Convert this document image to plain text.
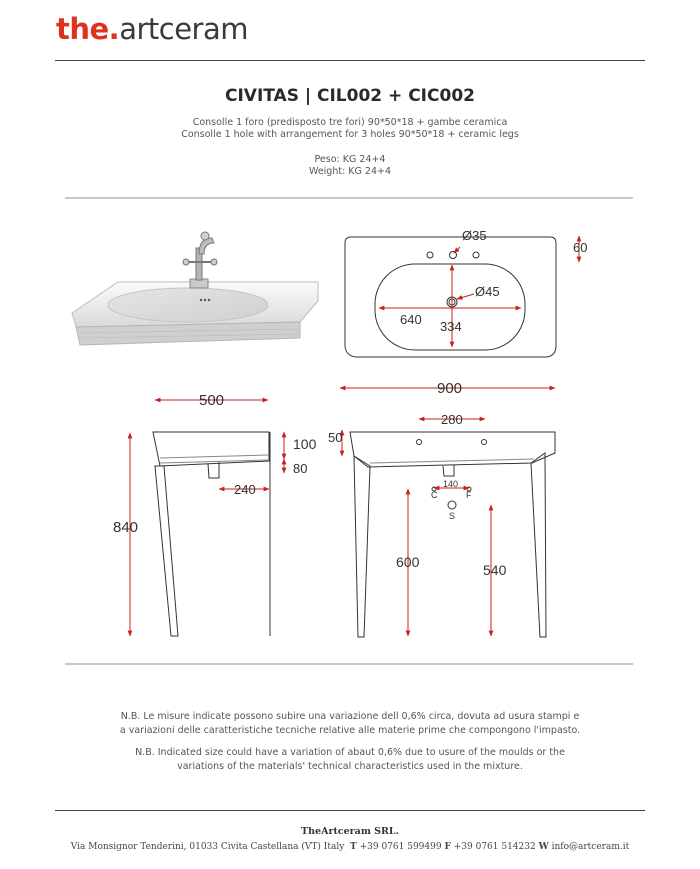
the.artceram
CIVITAS | CIL002 + CIC002
Consolle 1 foro (predisposto tre fori) 90*50*18 + gambe ceramica
Consolle 1 hole with arrangement for 3 holes 90*50*18 + ceramic legs
Peso: KG 24+4
Weight: KG 24+4
Ø35
60
Ø45
640 334
900
500
100
80
240
840
280
50
140
C	F
S
600	540
N.B. Le misure indicate possono subire una variazione dell 0,6% circa, dovuta ad usura stampi e
a variazioni delle caratteristiche tecniche relative alle materie prime che compongono l'impasto.
N.B. Indicated size could have a variation of abaut 0,6% due to usure of the moulds or the
variations of the materials' technical characteristics used in the mixture.
TheArtceram SRL.
Via Monsignor Tenderini, 01033 Civita Castellana (VT) Italy T +39 0761 599499 F +39 0761 514232 W info@artceram.it
